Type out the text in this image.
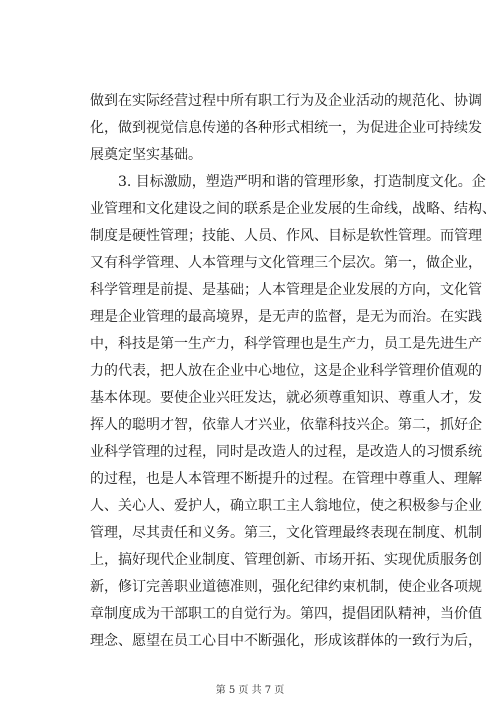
做到在实际经营过程中所有职工行为及企业活动的规范化、协调
化，做到视觉信息传递的各种形式相统一，为促进企业可持续发
展奠定坚实基础。
3. 目标激励，塑造严明和谐的管理形象，打造制度文化。企
业管理和文化建设之间的联系是企业发展的生命线，战略、结构、
制度是硬性管理；技能、人员、作风、目标是软性管理。而管理
又有科学管理、人本管理与文化管理三个层次。第一，做企业，
科学管理是前提、是基础；人本管理是企业发展的方向，文化管
理是企业管理的最高境界，是无声的监督，是无为而治。在实践
中，科技是第一生产力，科学管理也是生产力，员工是先进生产
力的代表，把人放在企业中心地位，这是企业科学管理价值观的
基本体现。要使企业兴旺发达，就必须尊重知识、尊重人才，发
挥人的聪明才智，依靠人才兴业，依靠科技兴企。第二，抓好企
业科学管理的过程，同时是改造人的过程，是改造人的习惯系统
的过程，也是人本管理不断提升的过程。在管理中尊重人、理解
人、关心人、爱护人，确立职工主人翁地位，使之积极参与企业
管理，尽其责任和义务。第三，文化管理最终表现在制度、机制
上，搞好现代企业制度、管理创新、市场开拓、实现优质服务创
新，修订完善职业道德准则，强化纪律约束机制，使企业各项规
章制度成为干部职工的自觉行为。第四，提倡团队精神，当价值
理念、愿望在员工心目中不断强化，形成该群体的一致行为后，
第 5 页 共 7 页
